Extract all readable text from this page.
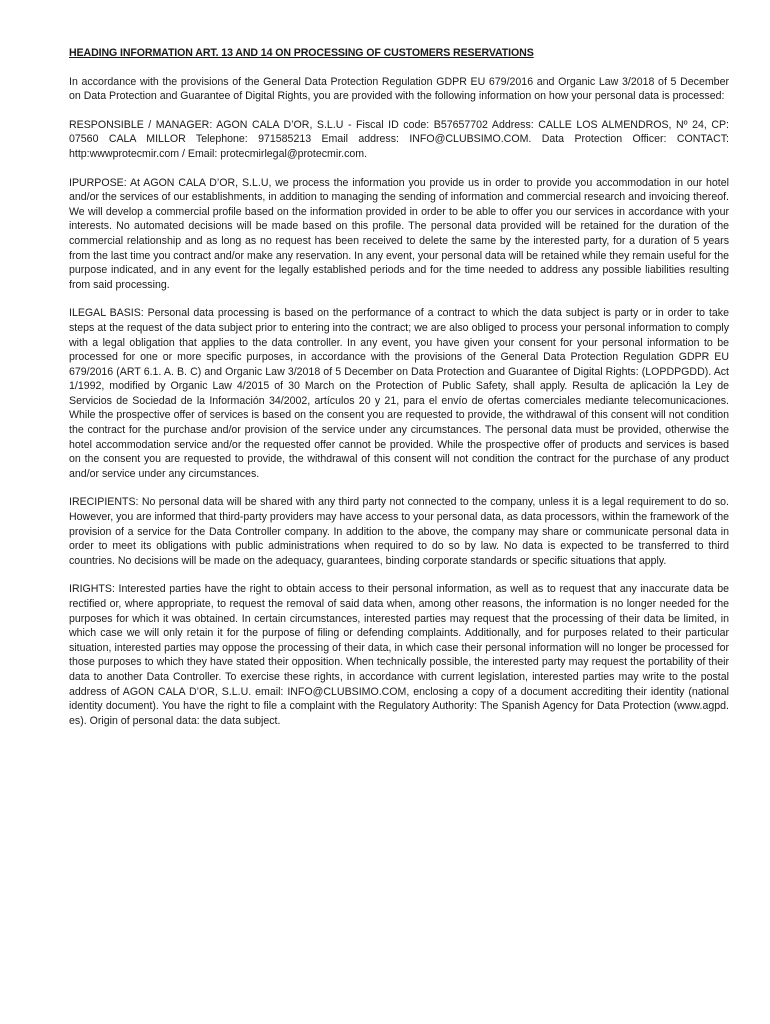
HEADING INFORMATION ART. 13 AND 14 ON PROCESSING OF CUSTOMERS RESERVATIONS

In accordance with the provisions of the General Data Protection Regulation GDPR EU 679/2016 and Organic Law 3/2018 of 5 December on Data Protection and Guarantee of Digital Rights, you are provided with the following information on how your personal data is processed:

RESPONSIBLE / MANAGER: AGON CALA D’OR, S.L.U - Fiscal ID code: B57657702 Address: CALLE LOS ALMENDROS, Nº 24, CP: 07560 CALA MILLOR Telephone: 971585213 Email address: INFO@CLUBSIMO.COM. Data Protection Officer: CONTACT: http:wwwprotecmir.com / Email: protecmirlegal@protecmir.com.

IPURPOSE: At AGON CALA D’OR, S.L.U, we process the information you provide us in order to provide you accommodation in our hotel and/or the services of our establishments, in addition to managing the sending of information and commercial research and invoicing thereof. We will develop a commercial profile based on the information provided in order to be able to offer you our services in accordance with your interests. No automated decisions will be made based on this profile. The personal data provided will be retained for the duration of the commercial relationship and as long as no request has been received to delete the same by the interested party, for a duration of 5 years from the last time you contract and/or make any reservation. In any event, your personal data will be retained while they remain useful for the purpose indicated, and in any event for the legally established periods and for the time needed to address any possible liabilities resulting from said processing.

ILEGAL BASIS: Personal data processing is based on the performance of a contract to which the data subject is party or in order to take steps at the request of the data subject prior to entering into the contract; we are also obliged to process your personal information to comply with a legal obligation that applies to the data controller. In any event, you have given your consent for your personal information to be processed for one or more specific purposes, in accordance with the provisions of the General Data Protection Regulation GDPR EU 679/2016 (ART 6.1. A. B. C) and Organic Law 3/2018 of 5 December on Data Protection and Guarantee of Digital Rights: (LOPDPGDD). Act 1/1992, modified by Organic Law 4/2015 of 30 March on the Protection of Public Safety, shall apply. Resulta de aplicación la Ley de Servicios de Sociedad de la Información 34/2002, artículos 20 y 21, para el envío de ofertas comerciales mediante telecomunicaciones. While the prospective offer of services is based on the consent you are requested to provide, the withdrawal of this consent will not condition the contract for the purchase and/or provision of the service under any circumstances. The personal data must be provided, otherwise the hotel accommodation service and/or the requested offer cannot be provided. While the prospective offer of products and services is based on the consent you are requested to provide, the withdrawal of this consent will not condition the contract for the purchase of any product and/or service under any circumstances.

IRECIPIENTS: No personal data will be shared with any third party not connected to the company, unless it is a legal requirement to do so. However, you are informed that third-party providers may have access to your personal data, as data processors, within the framework of the provision of a service for the Data Controller company. In addition to the above, the company may share or communicate personal data in order to meet its obligations with public administrations when required to do so by law. No data is expected to be transferred to third countries. No decisions will be made on the adequacy, guarantees, binding corporate standards or specific situations that apply.

IRIGHTS: Interested parties have the right to obtain access to their personal information, as well as to request that any inaccurate data be rectified or, where appropriate, to request the removal of said data when, among other reasons, the information is no longer needed for the purposes for which it was obtained. In certain circumstances, interested parties may request that the processing of their data be limited, in which case we will only retain it for the purpose of filing or defending complaints. Additionally, and for purposes related to their particular situation, interested parties may oppose the processing of their data, in which case their personal information will no longer be processed for those purposes to which they have stated their opposition. When technically possible, the interested party may request the portability of their data to another Data Controller. To exercise these rights, in accordance with current legislation, interested parties may write to the postal address of AGON CALA D’OR, S.L.U. email: INFO@CLUBSIMO.COM, enclosing a copy of a document accrediting their identity (national identity document). You have the right to file a complaint with the Regulatory Authority: The Spanish Agency for Data Protection (www.agpd. es). Origin of personal data: the data subject.
